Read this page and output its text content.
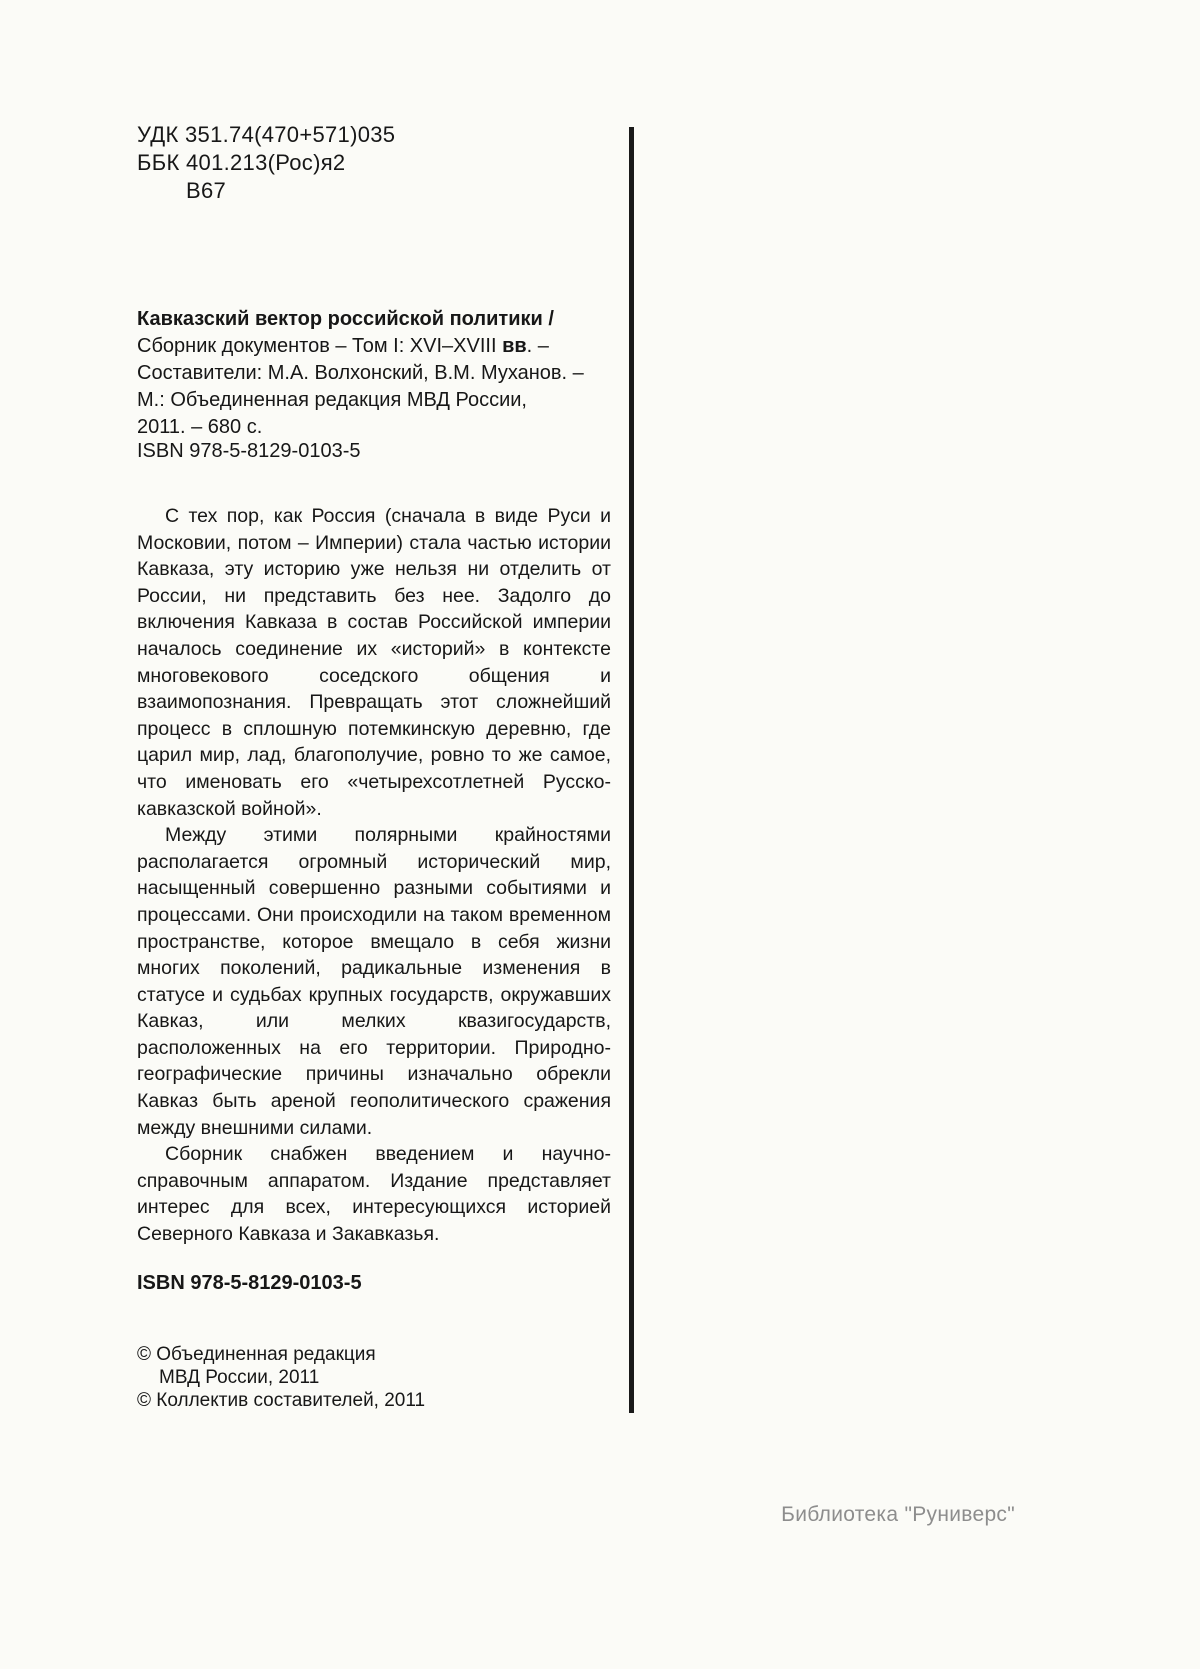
УДК 351.74(470+571)035
ББК 401.213(Рос)я2
В67
Кавказский вектор российской политики /
Сборник документов – Том I: XVI–XVIII вв. –
Составители: М.А. Волхонский, В.М. Муханов. –
М.: Объединенная редакция МВД России,
2011. – 680 с.
ISBN 978-5-8129-0103-5

С тех пор, как Россия (сначала в виде Руси и Московии, потом – Империи) стала частью истории Кавказа, эту историю уже нельзя ни отделить от России, ни представить без нее. Задолго до включения Кавказа в состав Российской империи началось соединение их «историй» в контексте многовекового соседского общения и взаимопознания. Превращать этот сложнейший процесс в сплошную потемкинскую деревню, где царил мир, лад, благополучие, ровно то же самое, что именовать его «четырехсотлетней Русско-кавказской войной».

Между этими полярными крайностями располагается огромный исторический мир, насыщенный совершенно разными событиями и процессами. Они происходили на таком временном пространстве, которое вмещало в себя жизни многих поколений, радикальные изменения в статусе и судьбах крупных государств, окружавших Кавказ, или мелких квазигосударств, расположенных на его территории. Природно-географические причины изначально обрекли Кавказ быть ареной геополитического сражения между внешними силами.

Сборник снабжен введением и научно-справочным аппаратом. Издание представляет интерес для всех, интересующихся историей Северного Кавказа и Закавказья.

ISBN 978-5-8129-0103-5
© Объединенная редакция
МВД России, 2011
© Коллектив составителей, 2011
Библиотека "Руниверс"
